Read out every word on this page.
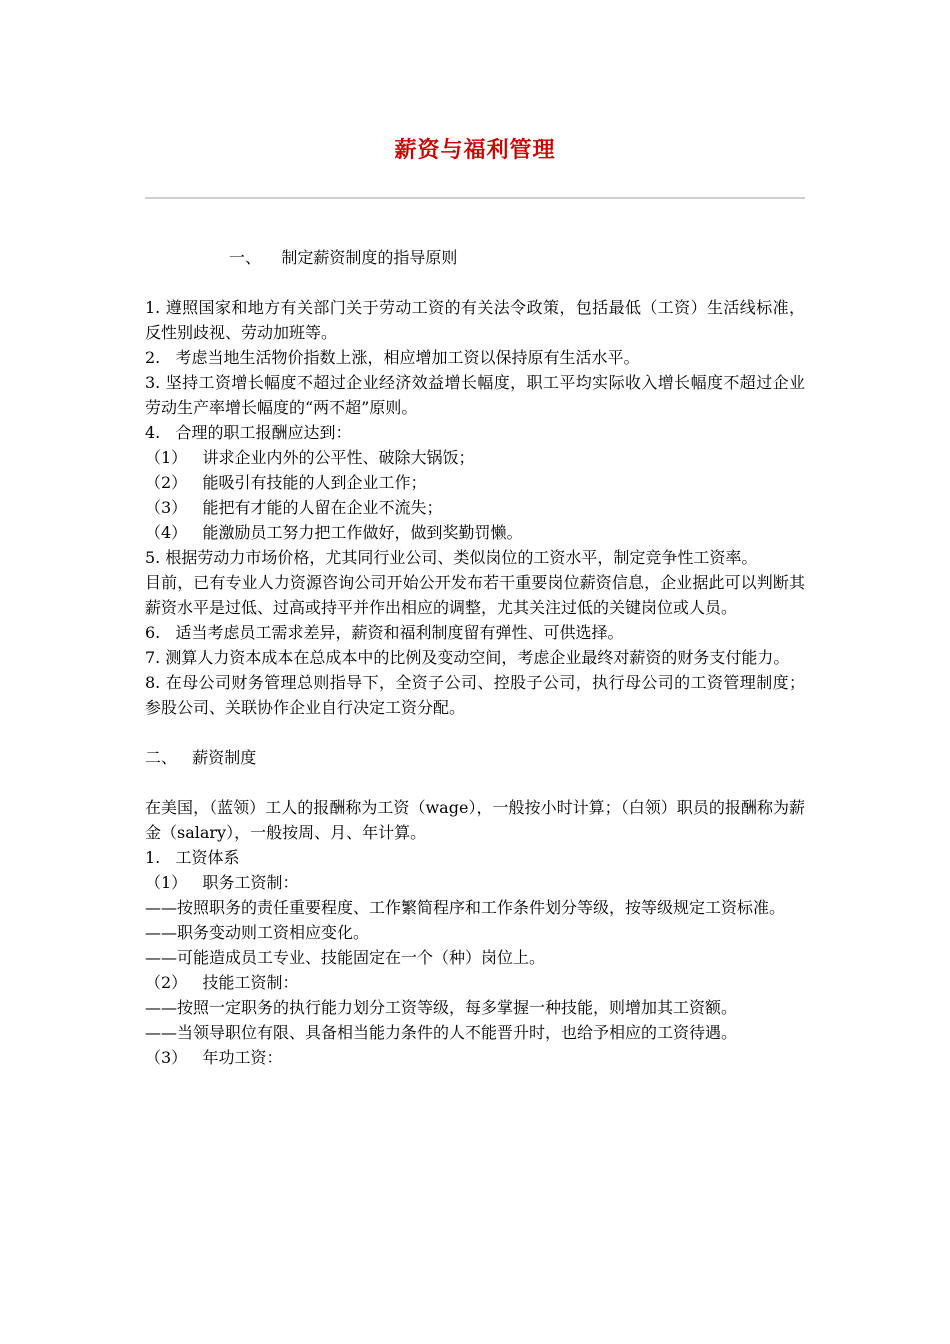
薪资与福利管理
一、    制定薪资制度的指导原则
1. 遵照国家和地方有关部门关于劳动工资的有关法令政策，包括最低（工资）生活线标准，反性别歧视、劳动加班等。
2.   考虑当地生活物价指数上涨，相应增加工资以保持原有生活水平。
3. 坚持工资增长幅度不超过企业经济效益增长幅度，职工平均实际收入增长幅度不超过企业劳动生产率增长幅度的“两不超”原则。
4.   合理的职工报酬应达到：
（1）   讲求企业内外的公平性、破除大锅饭；
（2）   能吸引有技能的人到企业工作；
（3）   能把有才能的人留在企业不流失；
（4）   能激励员工努力把工作做好，做到奖勤罚懒。
5. 根据劳动力市场价格，尤其同行业公司、类似岗位的工资水平，制定竞争性工资率。
目前，已有专业人力资源咨询公司开始公开发布若干重要岗位薪资信息，企业据此可以判断其薪资水平是过低、过高或持平并作出相应的调整，尤其关注过低的关键岗位或人员。
6.   适当考虑员工需求差异，薪资和福利制度留有弹性、可供选择。
7. 测算人力资本成本在总成本中的比例及变动空间，考虑企业最终对薪资的财务支付能力。
8. 在母公司财务管理总则指导下，全资子公司、控股子公司，执行母公司的工资管理制度；参股公司、关联协作企业自行决定工资分配。
二、   薪资制度
在美国，（蓝领）工人的报酬称为工资（wage），一般按小时计算；（白领）职员的报酬称为薪金（salary），一般按周、月、年计算。
1.   工资体系
（1）   职务工资制：
——按照职务的责任重要程度、工作繁简程序和工作条件划分等级，按等级规定工资标准。
——职务变动则工资相应变化。
——可能造成员工专业、技能固定在一个（种）岗位上。
（2）   技能工资制：
——按照一定职务的执行能力划分工资等级，每多掌握一种技能，则增加其工资额。
——当领导职位有限、具备相当能力条件的人不能晋升时，也给予相应的工资待遇。
（3）   年功工资：
